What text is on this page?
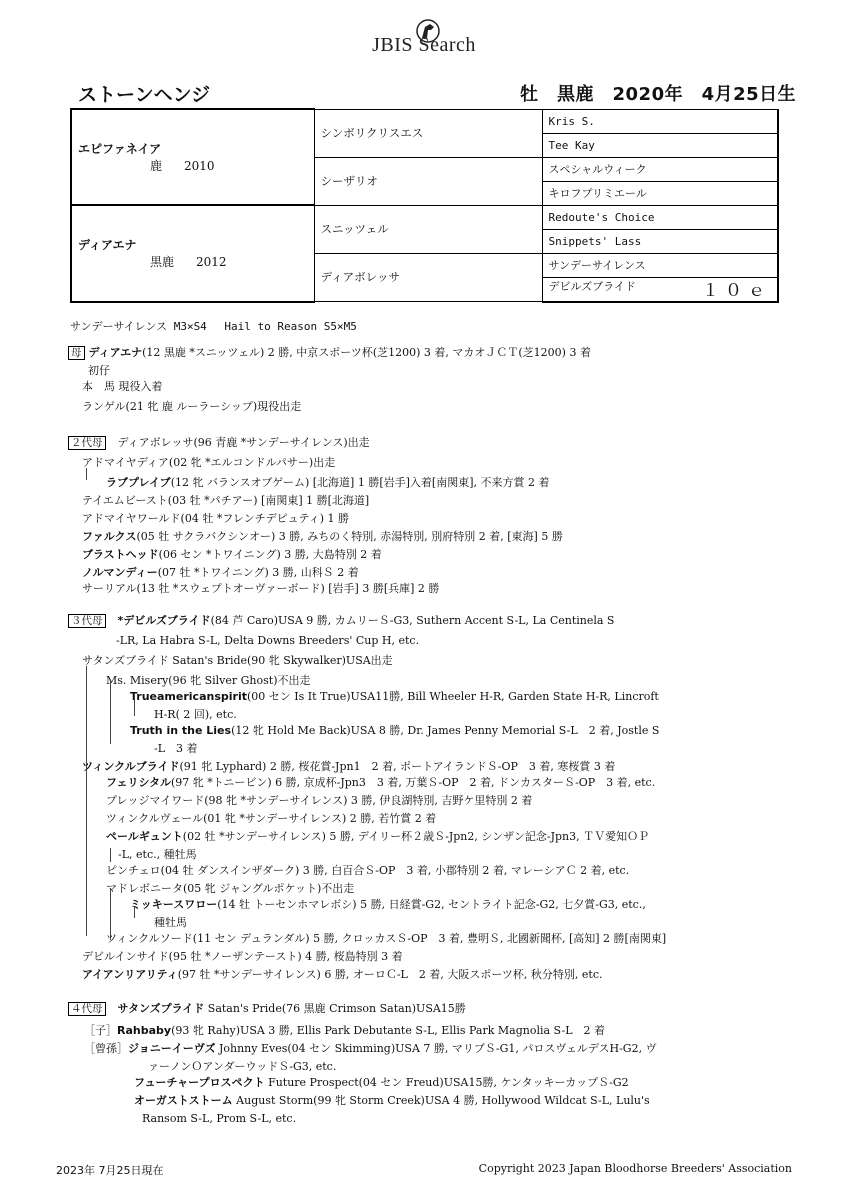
JBIS Search
ストーンヘンジ	牡　黒鹿　2020年　4月25日生
エピファネイア
鹿 2010	シンボリクリスエス	Kris S.
		Tee Kay
	シーザリオ	スペシャルウィーク
		キロフプリミエール

ディアエナ
黒鹿 2012	スニッツェル	Redoute's Choice
		Snippets' Lass
	ディアボレッサ	サンデーサイレンス
		デビルズブライド １０ｅ
サンデーサイレンス M3×S4　 Hail to Reason S5×M5
母 ディアエナ(12 黒鹿 *スニッツェル) 2 勝, 中京スポーツ杯(芝1200) 3 着, マカオＪＣＴ(芝1200) 3 着
初仔
本　馬 現役入着
ランゲル(21 牝 鹿 ルーラーシップ)現役出走
２代母 ディアボレッサ(96 青鹿 *サンデーサイレンス)出走
アドマイヤディア(02 牝 *エルコンドルパサー)出走
ラブプレイブ(12 牝 バランスオブゲーム) [北海道] 1 勝[岩手]入着[南関東], 不来方賞 2 着
テイエムビースト(03 牡 *パチアー) [南関東] 1 勝[北海道]
アドマイヤワールド(04 牡 *フレンチデピュティ) 1 勝
ファルクス(05 牡 サクラバクシンオー) 3 勝, みちのく特別, 赤湯特別, 別府特別 2 着, [東海] 5 勝
ブラストヘッド(06 セン *トワイニング) 3 勝, 大島特別 2 着
ノルマンディー(07 牡 *トワイニング) 3 勝, 山科Ｓ 2 着
サーリアル(13 牡 *スウェプトオーヴァーボード) [岩手] 3 勝[兵庫] 2 勝
３代母 *デビルズブライド(84 芦 Caro)USA 9 勝, カムリーＳ-G3, Suthern Accent S-L, La Centinela S
-LR, La Habra S-L, Delta Downs Breeders' Cup H, etc.
サタンズブライド Satan's Bride(90 牝 Skywalker)USA出走
Ms. Misery(96 牝 Silver Ghost)不出走
Trueamericanspirit(00 セン Is It True)USA11勝, Bill Wheeler H-R, Garden State H-R, Lincroft
H-R( 2 回), etc.
Truth in the Lies(12 牝 Hold Me Back)USA 8 勝, Dr. James Penny Memorial S-L　2 着, Jostle S
-L　3 着
ツィンクルブライド(91 牝 Lyphard) 2 勝, 桜花賞-Jpn1　2 着, ポートアイランドＳ-OP　3 着, 寒桜賞 3 着
フェリシタル(97 牝 *トニービン) 6 勝, 京成杯-Jpn3　3 着, 万葉Ｓ-OP　2 着, ドンカスターＳ-OP　3 着, etc.
プレッジマイワード(98 牝 *サンデーサイレンス) 3 勝, 伊良湖特別, 吉野ケ里特別 2 着
ツィンクルヴェール(01 牝 *サンデーサイレンス) 2 勝, 若竹賞 2 着
ペールギュント(02 牡 *サンデーサイレンス) 5 勝, デイリー杯２歳Ｓ-Jpn2, シンザン記念-Jpn3, ＴＶ愛知ＯＰ
-L, etc., 種牡馬
ピンチェロ(04 牡 ダンスインザダーク) 3 勝, 白百合Ｓ-OP　3 着, 小郡特別 2 着, マレーシアＣ 2 着, etc.
マドレボニータ(05 牝 ジャングルポケット)不出走
ミッキースワロー(14 牡 トーセンホマレボシ) 5 勝, 日経賞-G2, セントライト記念-G2, 七夕賞-G3, etc.,
種牡馬
ツィンクルソード(11 セン デュランダル) 5 勝, クロッカスＳ-OP　3 着, 豊明Ｓ, 北國新聞杯, [高知] 2 勝[南関東]
デビルインサイド(95 牡 *ノーザンテースト) 4 勝, 桜島特別 3 着
アイアンリアリティ(97 牡 *サンデーサイレンス) 6 勝, オーロＣ-L　2 着, 大阪スポーツ杯, 秋分特別, etc.
４代母 サタンズプライド Satan's Pride(76 黒鹿 Crimson Satan)USA15勝
［子］Rahbaby(93 牝 Rahy)USA 3 勝, Ellis Park Debutante S-L, Ellis Park Magnolia S-L　2 着
［曾孫］ジョニーイーヴズ Johnny Eves(04 セン Skimming)USA 7 勝, マリブＳ-G1, パロスヴェルデスH-G2, ヴ
ァーノンＯアンダーウッドＳ-G3, etc.
フューチャープロスペクト Future Prospect(04 セン Freud)USA15勝, ケンタッキーカップＳ-G2
オーガストストーム August Storm(99 牝 Storm Creek)USA 4 勝, Hollywood Wildcat S-L, Lulu's
Ransom S-L, Prom S-L, etc.
2023年 7月25日現在	Copyright 2023 Japan Bloodhorse Breeders' Association
